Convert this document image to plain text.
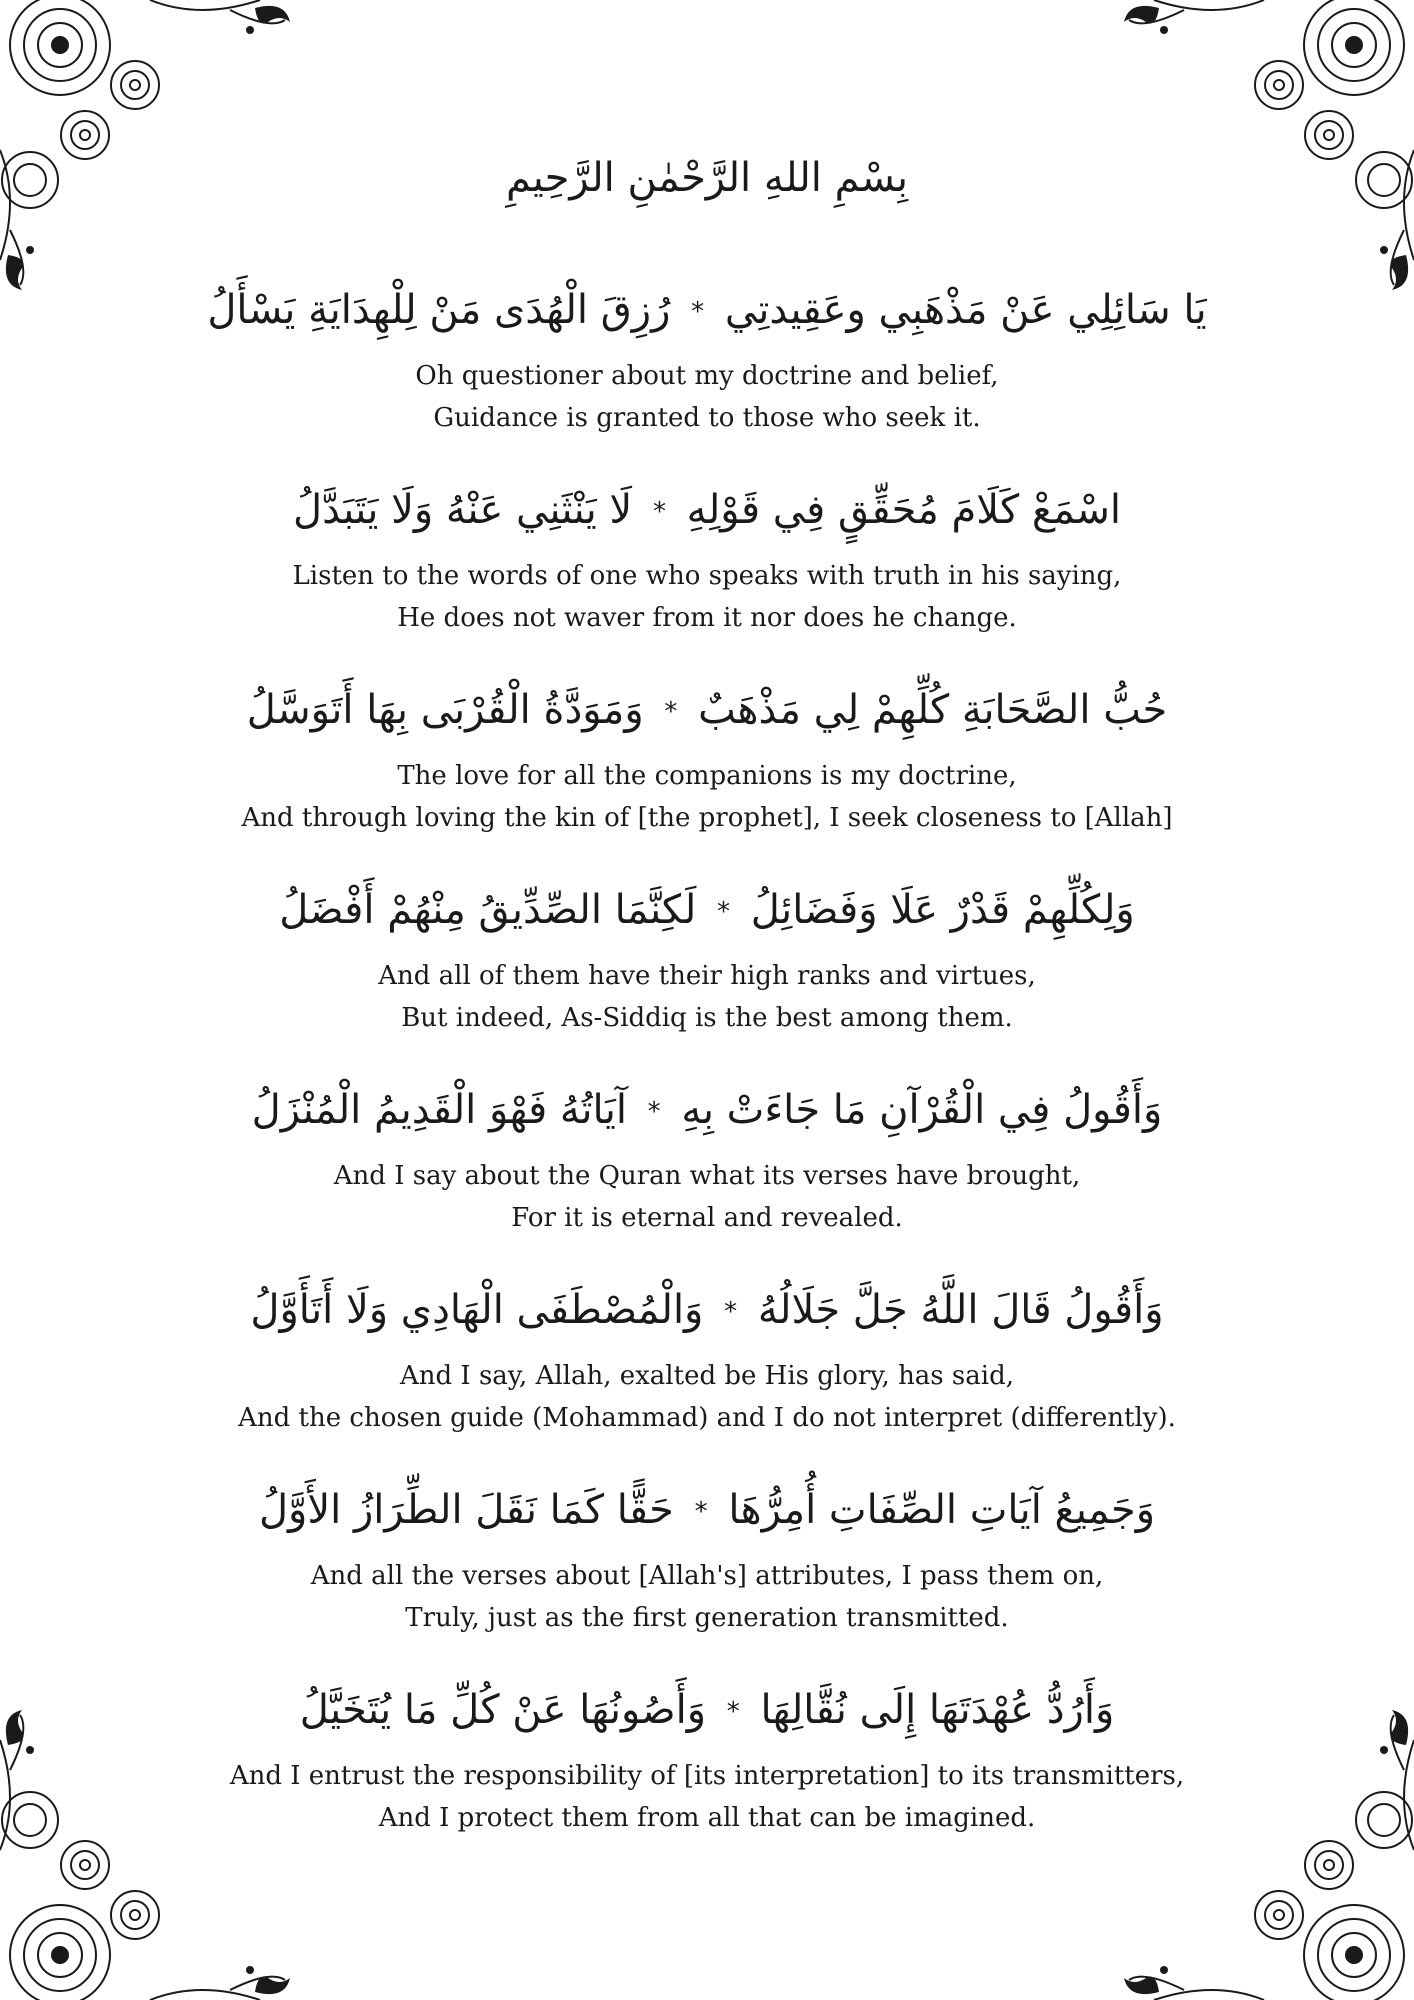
بِسْمِ اللهِ الرَّحْمٰنِ الرَّحِيمِ
يَا سَائِلِي عَنْ مَذْهَبِي وعَقِيدتِي * رُزِقَ الْهُدَى مَنْ لِلْهِدَايَةِ يَسْأَلُ
Oh questioner about my doctrine and belief,
Guidance is granted to those who seek it.
اسْمَعْ كَلَامَ مُحَقِّقٍ فِي قَوْلِهِ * لَا يَنْثَنِي عَنْهُ وَلَا يَتَبَدَّلُ
Listen to the words of one who speaks with truth in his saying,
He does not waver from it nor does he change.
حُبُّ الصَّحَابَةِ كُلِّهِمْ لِي مَذْهَبٌ * وَمَوَدَّةُ الْقُرْبَى بِهَا أَتَوَسَّلُ
The love for all the companions is my doctrine,
And through loving the kin of [the prophet], I seek closeness to [Allah]
وَلِكُلِّهِمْ قَدْرٌ عَلَا وَفَضَائِلُ * لَكِنَّمَا الصِّدِّيقُ مِنْهُمْ أَفْضَلُ
And all of them have their high ranks and virtues,
But indeed, As-Siddiq is the best among them.
وَأَقُولُ فِي الْقُرْآنِ مَا جَاءَتْ بِهِ * آيَاتُهُ فَهْوَ الْقَدِيمُ الْمُنْزَلُ
And I say about the Quran what its verses have brought,
For it is eternal and revealed.
وَأَقُولُ قَالَ اللَّهُ جَلَّ جَلَالُهُ * وَالْمُصْطَفَى الْهَادِي وَلَا أَتَأَوَّلُ
And I say, Allah, exalted be His glory, has said,
And the chosen guide (Mohammad) and I do not interpret (differently).
وَجَمِيعُ آيَاتِ الصِّفَاتِ أُمِرُّهَا * حَقًّا كَمَا نَقَلَ الطِّرَازُ الأَوَّلُ
And all the verses about [Allah's] attributes, I pass them on,
Truly, just as the first generation transmitted.
وَأَرُدُّ عُهْدَتَهَا إِلَى نُقَّالِهَا * وَأَصُونُهَا عَنْ كُلِّ مَا يُتَخَيَّلُ
And I entrust the responsibility of [its interpretation] to its transmitters,
And I protect them from all that can be imagined.
